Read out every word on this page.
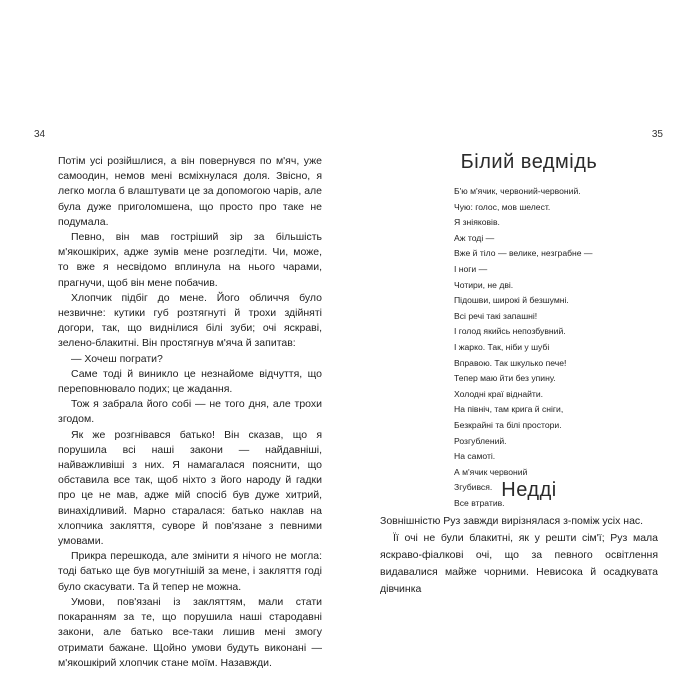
34

Потім усі розійшлися, а він повернувся по м'яч, уже самоодин, немов мені всміхнулася доля. Звісно, я легко могла б влаштувати це за допомогою чарів, але була дуже приголомшена, що просто про таке не подумала.

Певно, він мав гостріший зір за більшість м'якошкірих, адже зумів мене розгледіти. Чи, може, то вже я несвідомо вплинула на нього чарами, прагнучи, щоб він мене побачив.

Хлопчик підбіг до мене. Його обличчя було незвичне: кутики губ розтягнуті й трохи здійняті догори, так, що виднілися білі зуби; очі яскраві, зелено-блакитні. Він простягнув м'яча й запитав:

— Хочеш пограти?

Саме тоді й виникло це незнайоме відчуття, що переповнювало подих; це жадання.

Тож я забрала його собі — не того дня, але трохи згодом.

Як же розгнівався батько! Він сказав, що я порушила всі наші закони — найдавніші, найважливіші з них. Я намагалася пояснити, що обставила все так, щоб ніхто з його народу й гадки про це не мав, адже мій спосіб був дуже хитрий, винахідливий. Марно старалася: батько наклав на хлопчика закляття, суворе й пов'язане з певними умовами.

Прикра перешкода, але змінити я нічого не могла: тоді батько ще був могутнішій за мене, і закляття годі було скасувати. Та й тепер не можна.

Умови, пов'язані із закляттям, мали стати покаранням за те, що порушила наші стародавні закони, але батько все-таки лишив мені змогу отримати бажане. Щойно умови будуть виконані — м'якошкірий хлопчик стане моїм. Назавжди.

35
Білий ведмідь
Б'ю м'ячик, червоний-червоний.
Чую: голос, мов шелест.
Я зніяковів.
Аж тоді —
Вже й тіло — велике, незграбне —
І ноги —
Чотири, не дві.
Підошви, широкі й безшумні.
Всі речі такі запашні!
І голод якийсь непозбувний.
І жарко. Так, ніби у шубі
Вправою. Так шкулько пече!
Тепер маю йти без упину.
Холодні краї віднайти.
На північ, там крига й сніги,
Безкрайні та білі простори.
Розгублений.
На самоті.
А м'ячик червоний
Згубився.
Все втратив.
Недді

Зовнішністю Руз завжди вирізнялася з-поміж усіх нас.

Її очі не були блакитні, як у решти сім'ї; Руз мала яскраво-фіалкові очі, що за певного освітлення видавалися майже чорними. Невисока й осадкувата дівчинка
